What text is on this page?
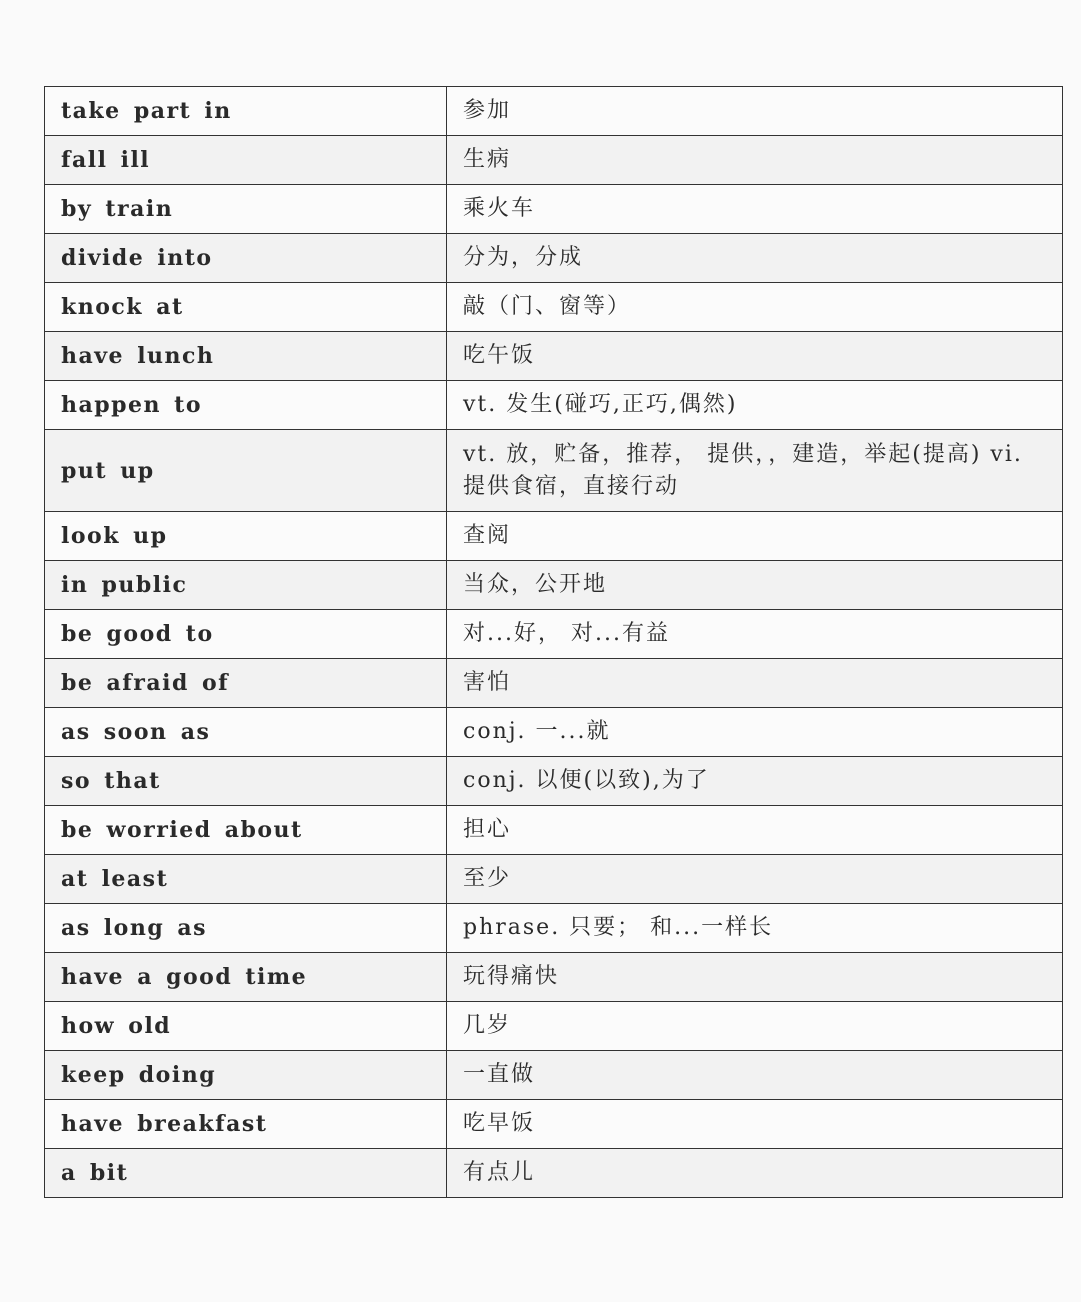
take part in	参加
fall ill	生病
by train	乘火车
divide into	分为，分成
knock at	敲（门、窗等）
have lunch	吃午饭
happen to	vt. 发生(碰巧,正巧,偶然)
put up	vt. 放，贮备，推荐， 提供，，建造，举起(提高) vi. 提供食宿，直接行动
look up	查阅
in public	当众，公开地
be good to	对...好， 对...有益
be afraid of	害怕
as soon as	conj. 一...就
so that	conj. 以便(以致),为了
be worried about	担心
at least	至少
as long as	phrase. 只要； 和...一样长
have a good time	玩得痛快
how old	几岁
keep doing	一直做
have breakfast	吃早饭
a bit	有点儿
